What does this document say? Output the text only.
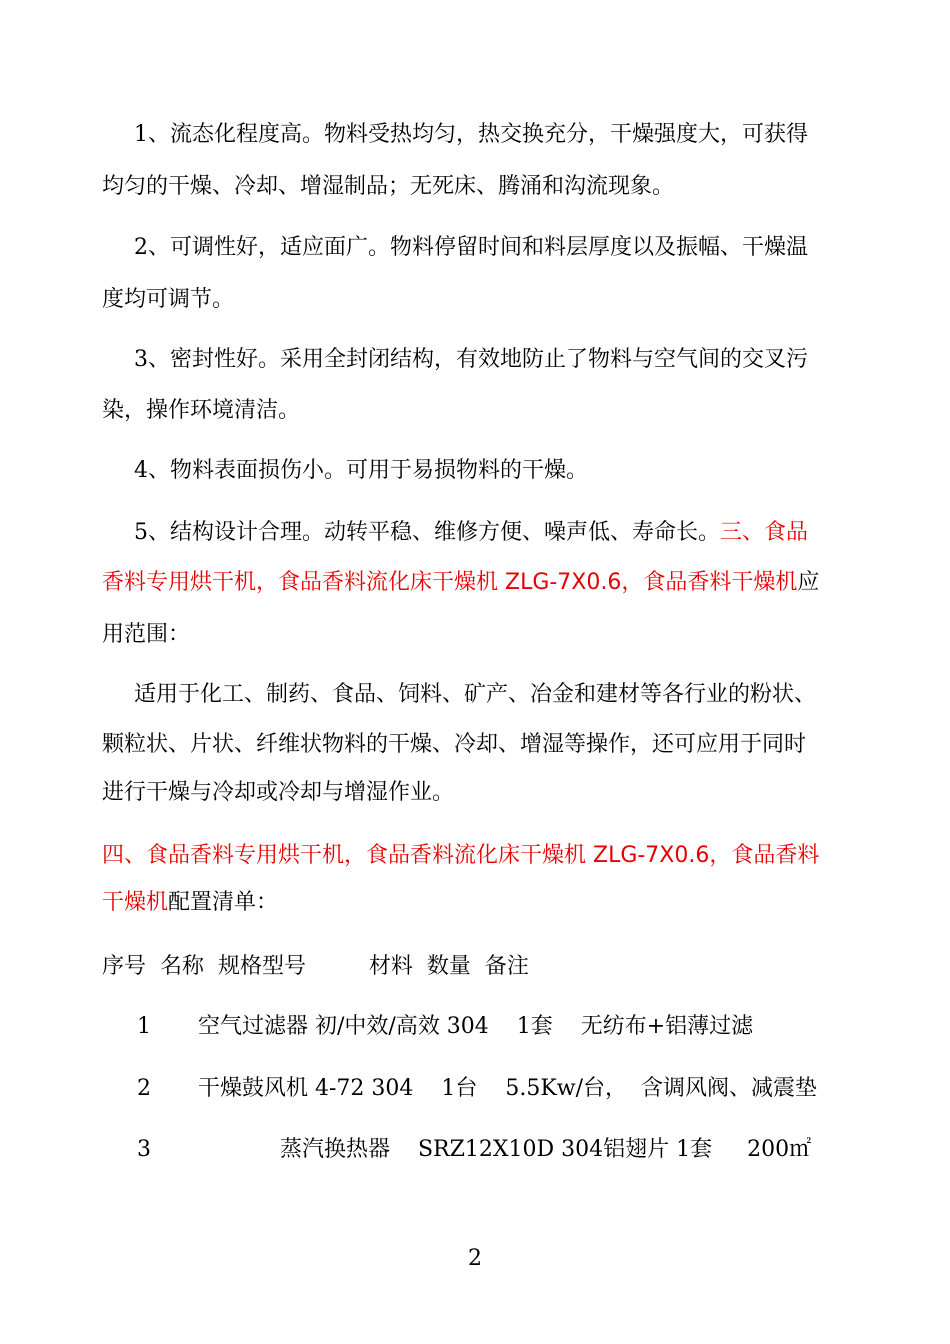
1、流态化程度高。物料受热均匀，热交换充分，干燥强度大，可获得
均匀的干燥、冷却、增湿制品；无死床、腾涌和沟流现象。
2、可调性好，适应面广。物料停留时间和料层厚度以及振幅、干燥温
度均可调节。
3、密封性好。采用全封闭结构，有效地防止了物料与空气间的交叉污
染，操作环境清洁。
4、物料表面损伤小。可用于易损物料的干燥。
5、结构设计合理。动转平稳、维修方便、噪声低、寿命长。三、食品
香料专用烘干机，食品香料流化床干燥机 ZLG-7X0.6，食品香料干燥机应
用范围：
适用于化工、制药、食品、饲料、矿产、冶金和建材等各行业的粉状、
颗粒状、片状、纤维状物料的干燥、冷却、增湿等操作，还可应用于同时
进行干燥与冷却或冷却与增湿作业。
四、食品香料专用烘干机，食品香料流化床干燥机 ZLG-7X0.6，食品香料
干燥机配置清单：
序号  名称  规格型号         材料  数量  备注
1 空气过滤器 初/中效/高效 304    1套    无纺布+铝薄过滤
2 干燥鼓风机 4-72 304    1台    5.5Kw/台，  含调风阀、减震垫
3	蒸汽换热器    SRZ12X10D 304铝翅片 1套     200㎡
2
